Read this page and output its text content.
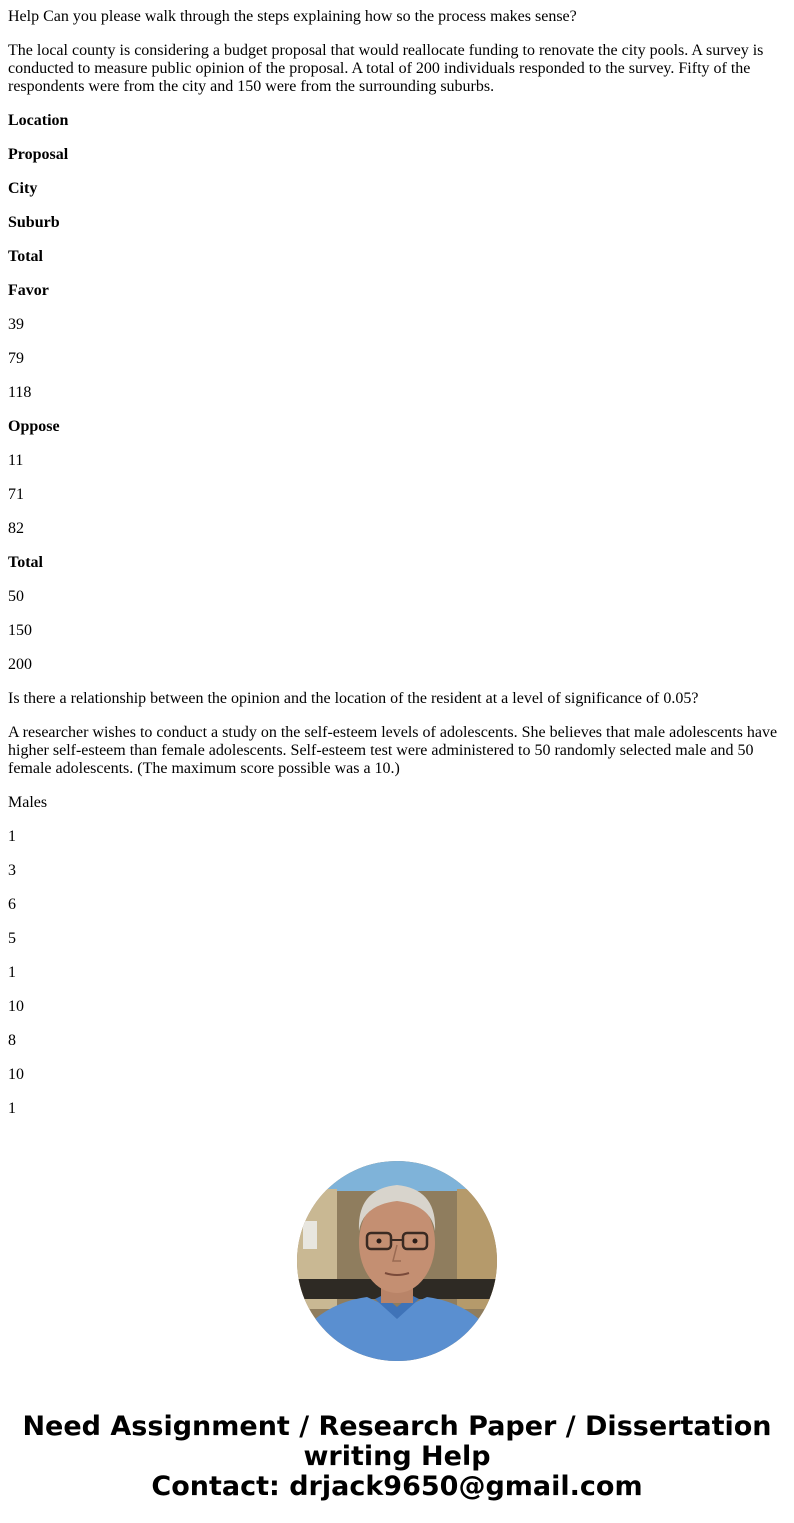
Help Can you please walk through the steps explaining how so the process makes sense?

The local county is considering a budget proposal that would reallocate funding to renovate the city pools. A survey is conducted to measure public opinion of the proposal. A total of 200 individuals responded to the survey. Fifty of the respondents were from the city and 150 were from the surrounding suburbs.

Location

Proposal

City

Suburb

Total

Favor

39

79

118

Oppose

11

71

82

Total

50

150

200

Is there a relationship between the opinion and the location of the resident at a level of significance of 0.05?

A researcher wishes to conduct a study on the self-esteem levels of adolescents. She believes that male adolescents have higher self-esteem than female adolescents. Self-esteem test were administered to 50 randomly selected male and 50 female adolescents. (The maximum score possible was a 10.)

Males

1

3

6

5

1

10

8

10

1

Need Assignment / Research Paper / Dissertation
writing Help
Contact: drjack9650@gmail.com
